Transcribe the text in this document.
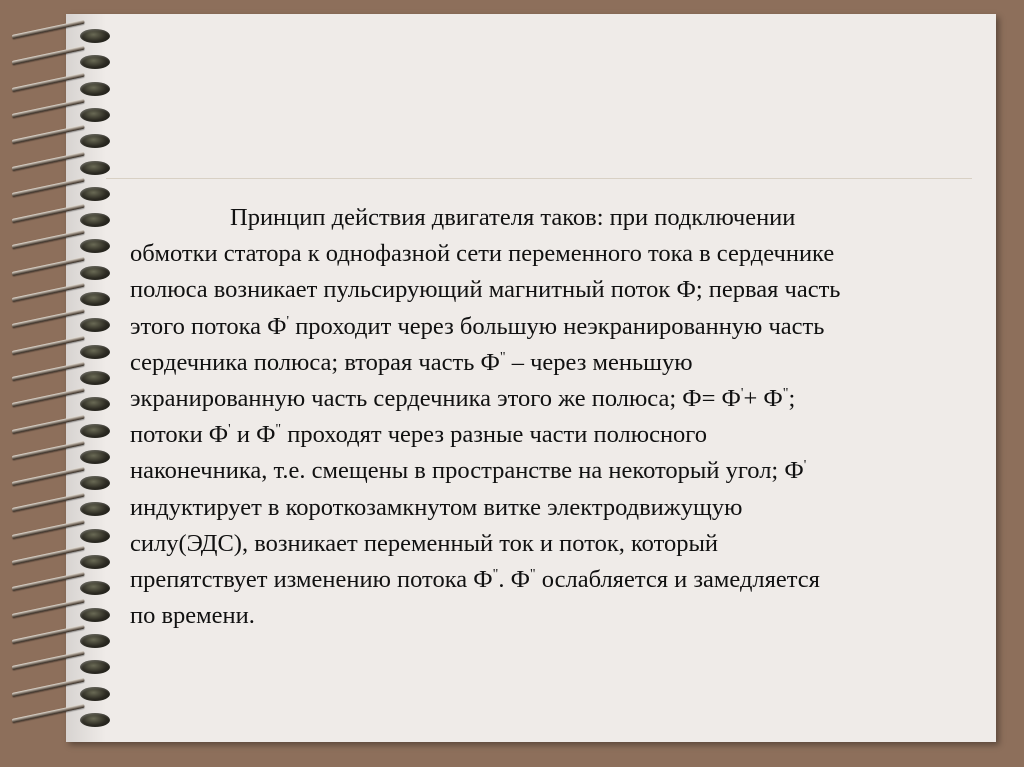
Принцип действия двигателя таков: при подключении

обмотки статора к однофазной сети переменного тока в сердечнике

полюса возникает пульсирующий магнитный поток Ф; первая часть

этого потока Ф' проходит через большую неэкранированную часть

сердечника полюса; вторая часть Ф" – через меньшую

экранированную часть сердечника этого же полюса; Ф= Ф'+ Ф";

потоки Ф' и Ф" проходят через разные части полюсного

наконечника, т.е. смещены в пространстве на некоторый угол; Ф'

индуктирует в короткозамкнутом витке электродвижущую

силу(ЭДС), возникает переменный ток и поток, который

препятствует изменению потока Ф". Ф" ослабляется и замедляется

по времени.
